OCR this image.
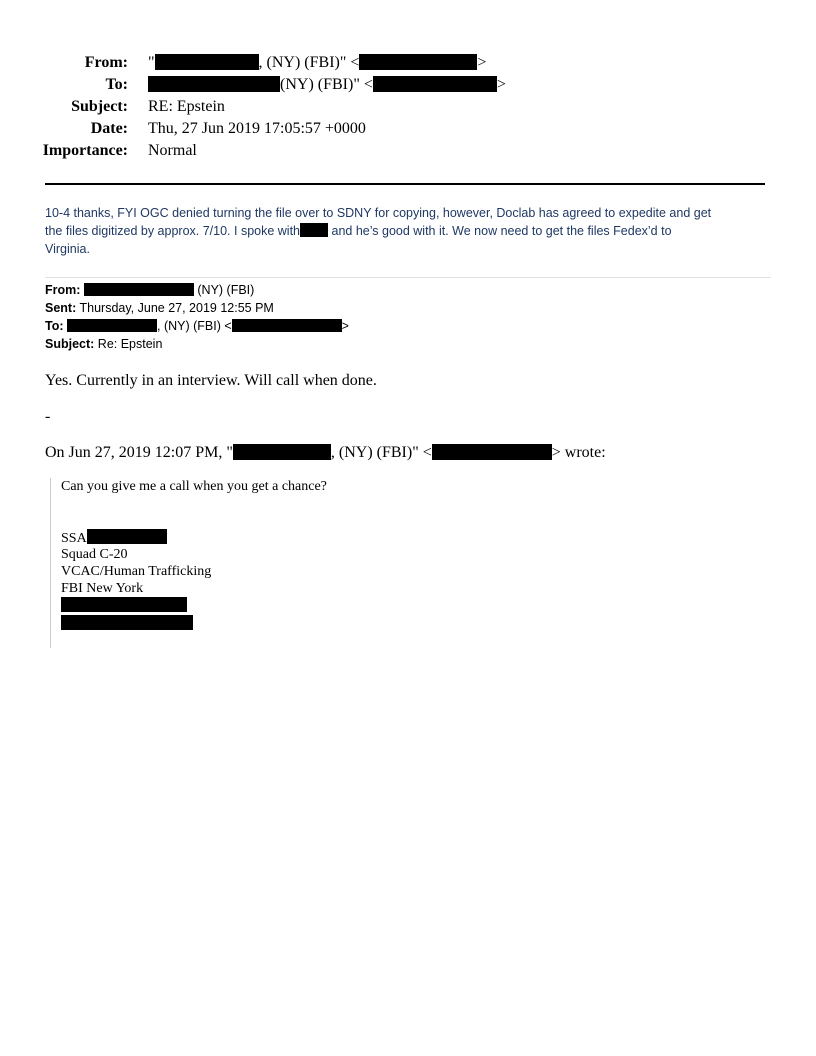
From: "	, (NY) (FBI)" <	>
To:	(NY) (FBI)" <	>
Subject: RE: Epstein
Date: Thu, 27 Jun 2019 17:05:57 +0000
Importance: Normal
10-4 thanks, FYI OGC denied turning the file over to SDNY for copying, however, Doclab has agreed to expedite and get
the files digitized by approx. 7/10. I spoke with and he’s good with it. We now need to get the files Fedex’d to
Virginia.
From:	(NY) (FBI)
Sent: Thursday, June 27, 2019 12:55 PM
To:	, (NY) (FBI) <	>
Subject: Re: Epstein
Yes. Currently in an interview. Will call when done.
-
On Jun 27, 2019 12:07 PM, "	, (NY) (FBI)" <	> wrote:
Can you give me a call when you get a chance?
SSA
Squad C-20
VCAC/Human Trafficking
FBI New York
